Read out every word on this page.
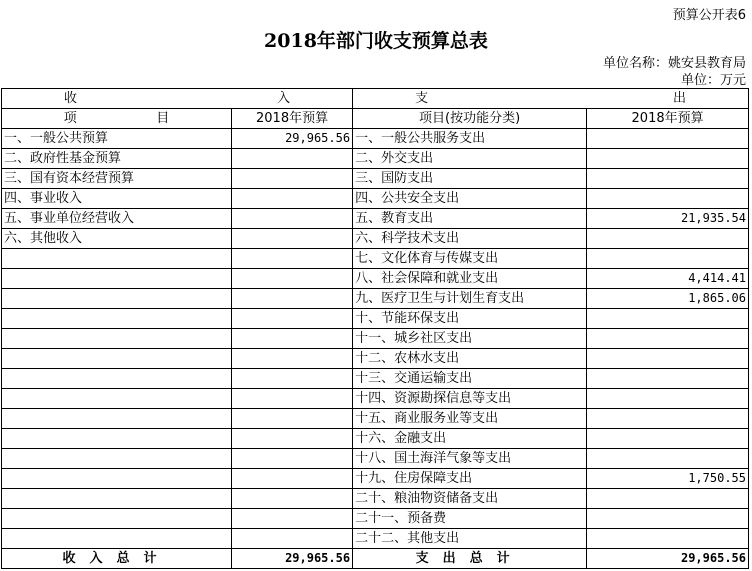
预算公开表6
2018年部门收支预算总表
单位名称：姚安县教育局
单位：万元
收 入		支 出	

项 目	2018年预算	项目(按功能分类)	2018年预算
一、一般公共预算	29,965.56	一、一般公共服务支出	
二、政府性基金预算		二、外交支出	
三、国有资本经营预算		三、国防支出	
四、事业收入		四、公共安全支出	
五、事业单位经营收入		五、教育支出	21,935.54
六、其他收入		六、科学技术支出	
		七、文化体育与传媒支出	
		八、社会保障和就业支出	4,414.41
		九、医疗卫生与计划生育支出	1,865.06
		十、节能环保支出	
		十一、城乡社区支出	
		十二、农林水支出	
		十三、交通运输支出	
		十四、资源勘探信息等支出	
		十五、商业服务业等支出	
		十六、金融支出	
		十八、国土海洋气象等支出	
		十九、住房保障支出	1,750.55
		二十、粮油物资储备支出	
		二十一、预备费	
		二十二、其他支出	
收入总计	29,965.56	支出总计	29,965.56
